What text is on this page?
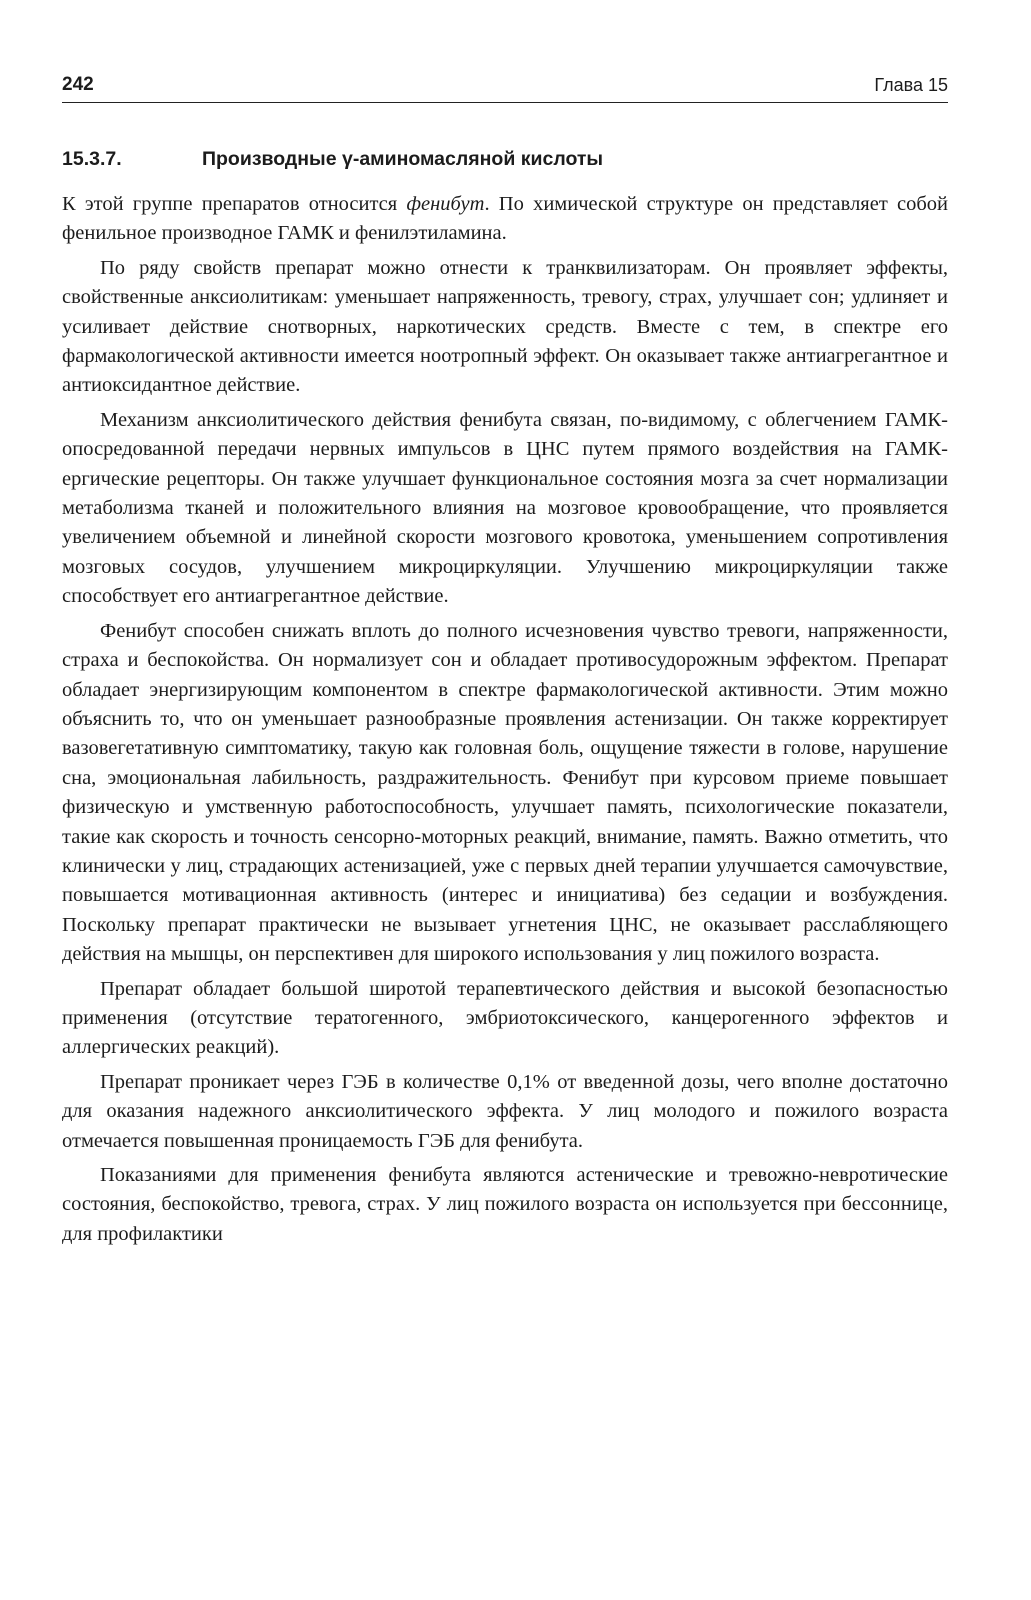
242	Глава 15
15.3.7.	Производные γ-аминомасляной кислоты

К этой группе препаратов относится фенибут. По химической структуре он представляет собой фенильное производное ГАМК и фенилэтиламина.

По ряду свойств препарат можно отнести к транквилизаторам. Он проявляет эффекты, свойственные анксиолитикам: уменьшает напряженность, тревогу, страх, улучшает сон; удлиняет и усиливает действие снотворных, наркотических средств. Вместе с тем, в спектре его фармакологической активности имеется ноотропный эффект. Он оказывает также антиагрегантное и антиоксидантное действие.

Механизм анксиолитического действия фенибута связан, по-видимому, с облегчением ГАМК-опосредованной передачи нервных импульсов в ЦНС путем прямого воздействия на ГАМК-ергические рецепторы. Он также улучшает функциональное состояния мозга за счет нормализации метаболизма тканей и положительного влияния на мозговое кровообращение, что проявляется увеличением объемной и линейной скорости мозгового кровотока, уменьшением сопротивления мозговых сосудов, улучшением микроциркуляции. Улучшению микроциркуляции также способствует его антиагрегантное действие.

Фенибут способен снижать вплоть до полного исчезновения чувство тревоги, напряженности, страха и беспокойства. Он нормализует сон и обладает противосудорожным эффектом. Препарат обладает энергизирующим компонентом в спектре фармакологической активности. Этим можно объяснить то, что он уменьшает разнообразные проявления астенизации. Он также корректирует вазовегетативную симптоматику, такую как головная боль, ощущение тяжести в голове, нарушение сна, эмоциональная лабильность, раздражительность. Фенибут при курсовом приеме повышает физическую и умственную работоспособность, улучшает память, психологические показатели, такие как скорость и точность сенсорно-моторных реакций, внимание, память. Важно отметить, что клинически у лиц, страдающих астенизацией, уже с первых дней терапии улучшается самочувствие, повышается мотивационная активность (интерес и инициатива) без седации и возбуждения. Поскольку препарат практически не вызывает угнетения ЦНС, не оказывает расслабляющего действия на мышцы, он перспективен для широкого использования у лиц пожилого возраста.

Препарат обладает большой широтой терапевтического действия и высокой безопасностью применения (отсутствие тератогенного, эмбриотоксического, канцерогенного эффектов и аллергических реакций).

Препарат проникает через ГЭБ в количестве 0,1% от введенной дозы, чего вполне достаточно для оказания надежного анксиолитического эффекта. У лиц молодого и пожилого возраста отмечается повышенная проницаемость ГЭБ для фенибута.

Показаниями для применения фенибута являются астенические и тревожно-невротические состояния, беспокойство, тревога, страх. У лиц пожилого возраста он используется при бессоннице, для профилактики
